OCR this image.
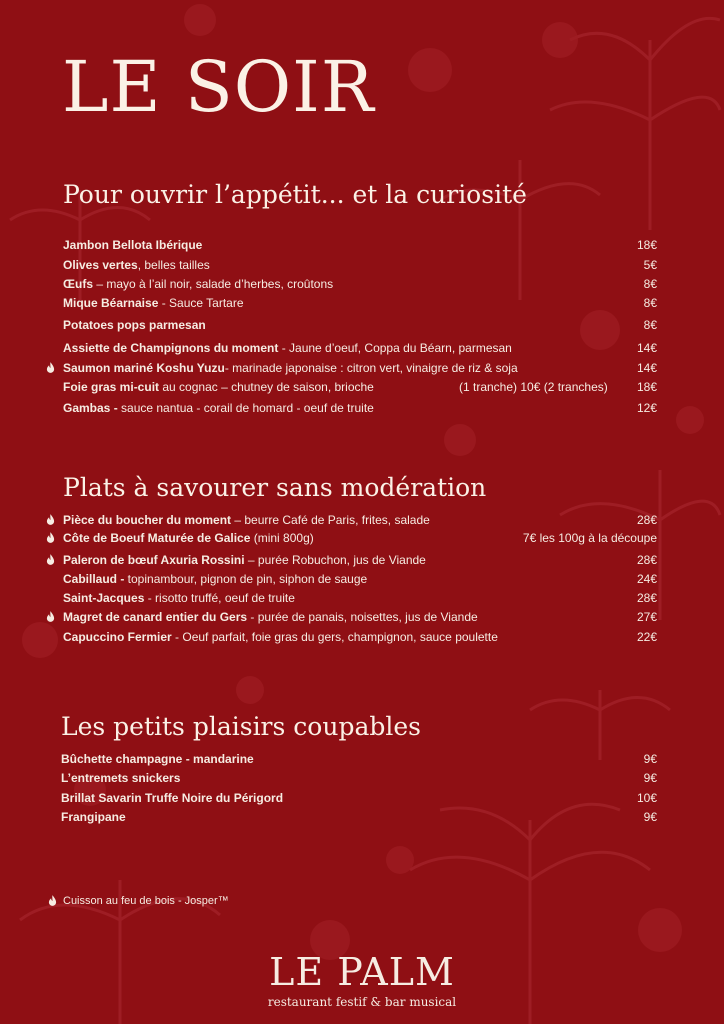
LE SOIR
Pour ouvrir l’appétit... et la curiosité
Jambon Bellota Ibérique	18€
Olives vertes, belles tailles	5€
Œufs – mayo à l’ail noir, salade d’herbes, croûtons	8€
Mique Béarnaise - Sauce Tartare	8€
Potatoes pops parmesan	8€
Assiette de Champignons du moment - Jaune d’oeuf, Coppa du Béarn, parmesan	14€
Saumon mariné Koshu Yuzu- marinade japonaise : citron vert, vinaigre de riz & soja	14€
Foie gras mi-cuit au cognac – chutney de saison, brioche	(1 tranche) 10€ (2 tranches) 18€
Gambas - sauce nantua - corail de homard - oeuf de truite	12€
Plats à savourer sans modération
Pièce du boucher du moment – beurre Café de Paris, frites, salade	28€
Côte de Boeuf Maturée de Galice (mini 800g)	7€ les 100g à la découpe
Paleron de bœuf Axuria Rossini – purée Robuchon, jus de Viande	28€
Cabillaud - topinambour, pignon de pin, siphon de sauge	24€
Saint-Jacques - risotto truffé, oeuf de truite	28€
Magret de canard entier du Gers - purée de panais, noisettes, jus de Viande	27€
Capuccino Fermier - Oeuf parfait, foie gras du gers, champignon, sauce poulette	22€
Les petits plaisirs coupables
Bûchette champagne - mandarine	9€
L’entremets snickers	9€
Brillat Savarin Truffe Noire du Périgord	10€
Frangipane	9€
Cuisson au feu de bois - Josper™
LE PALM
restaurant festif & bar musical
